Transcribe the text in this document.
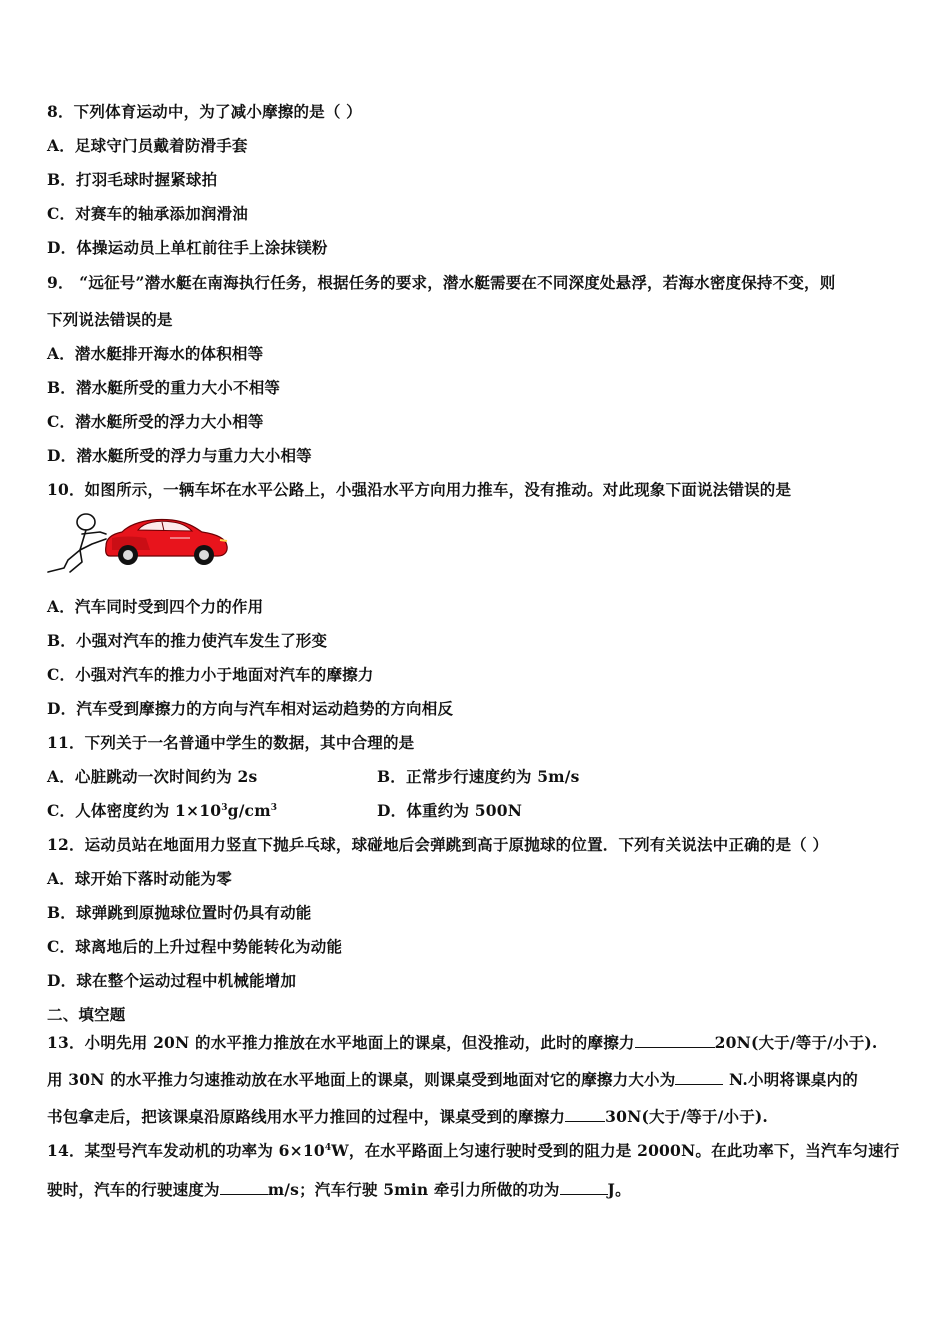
8．下列体育运动中，为了减小摩擦的是（ ）
A．足球守门员戴着防滑手套
B．打羽毛球时握紧球拍
C．对赛车的轴承添加润滑油
D．体操运动员上单杠前往手上涂抹镁粉
9． “远征号”潜水艇在南海执行任务，根据任务的要求，潜水艇需要在不同深度处悬浮，若海水密度保持不变，则
下列说法错误的是
A．潜水艇排开海水的体积相等
B．潜水艇所受的重力大小不相等
C．潜水艇所受的浮力大小相等
D．潜水艇所受的浮力与重力大小相等
10．如图所示，一辆车坏在水平公路上，小强沿水平方向用力推车，没有推动。对此现象下面说法错误的是
A．汽车同时受到四个力的作用
B．小强对汽车的推力使汽车发生了形变
C．小强对汽车的推力小于地面对汽车的摩擦力
D．汽车受到摩擦力的方向与汽车相对运动趋势的方向相反
11．下列关于一名普通中学生的数据，其中合理的是
A．心脏跳动一次时间约为 2s	B．正常步行速度约为 5m/s
C．人体密度约为 $1\times 10^3g/cm^3$	D．体重约为 500N
12．运动员站在地面用力竖直下抛乒乓球，球碰地后会弹跳到高于原抛球的位置．下列有关说法中正确的是（ ）
A．球开始下落时动能为零
B．球弹跳到原抛球位置时仍具有动能
C．球离地后的上升过程中势能转化为动能
D．球在整个运动过程中机械能增加
二、填空题
13．小明先用 20N 的水平推力推放在水平地面上的课桌，但没推动，此时的摩擦力	20N(大于/等于/小于).
用 30N 的水平推力匀速推动放在水平地面上的课桌，则课桌受到地面对它的摩擦力大小为	N.小明将课桌内的
书包拿走后，把该课桌沿原路线用水平力推回的过程中，课桌受到的摩擦力	30N(大于/等于/小于).
14．某型号汽车发动机的功率为 $6\times 10^4W$，在水平路面上匀速行驶时受到的阻力是 2000N。在此功率下，当汽车匀速行
驶时，汽车的行驶速度为	m/s；汽车行驶 5min 牵引力所做的功为	J。
